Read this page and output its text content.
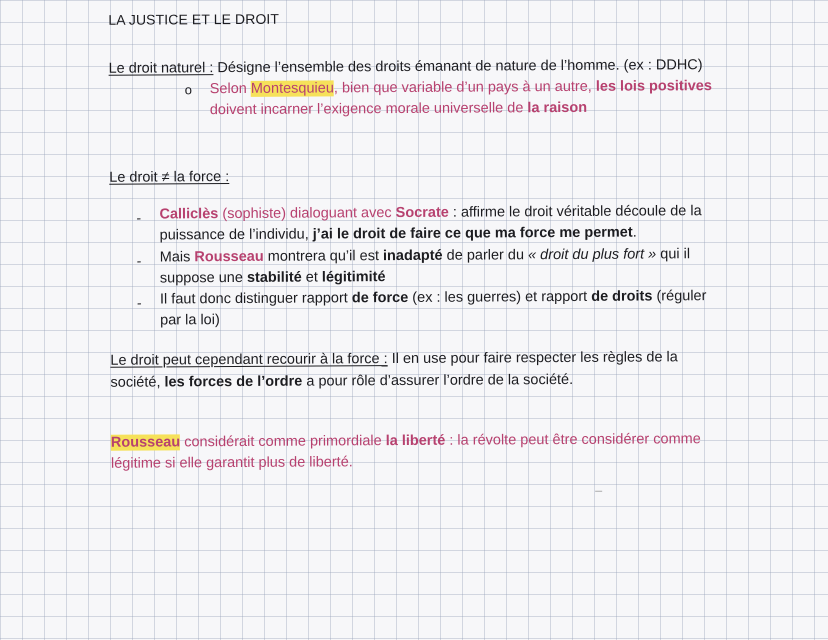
LA JUSTICE ET LE DROIT
Le droit naturel : Désigne l’ensemble des droits émanant de nature de l’homme. (ex : DDHC)
o Selon Montesquieu, bien que variable d’un pays à un autre, les lois positives
doivent incarner l’exigence morale universelle de la raison
Le droit ≠ la force :
- Calliclès (sophiste) dialoguant avec Socrate : affirme le droit véritable découle de la
puissance de l’individu, j’ai le droit de faire ce que ma force me permet.
- Mais Rousseau montrera qu’il est inadapté de parler du « droit du plus fort » qui il
suppose une stabilité et légitimité
- Il faut donc distinguer rapport de force (ex : les guerres) et rapport de droits (réguler
par la loi)
Le droit peut cependant recourir à la force : Il en use pour faire respecter les règles de la
société, les forces de l’ordre a pour rôle d’assurer l’ordre de la société.
Rousseau considérait comme primordiale la liberté : la révolte peut être considérer comme
légitime si elle garantit plus de liberté.
